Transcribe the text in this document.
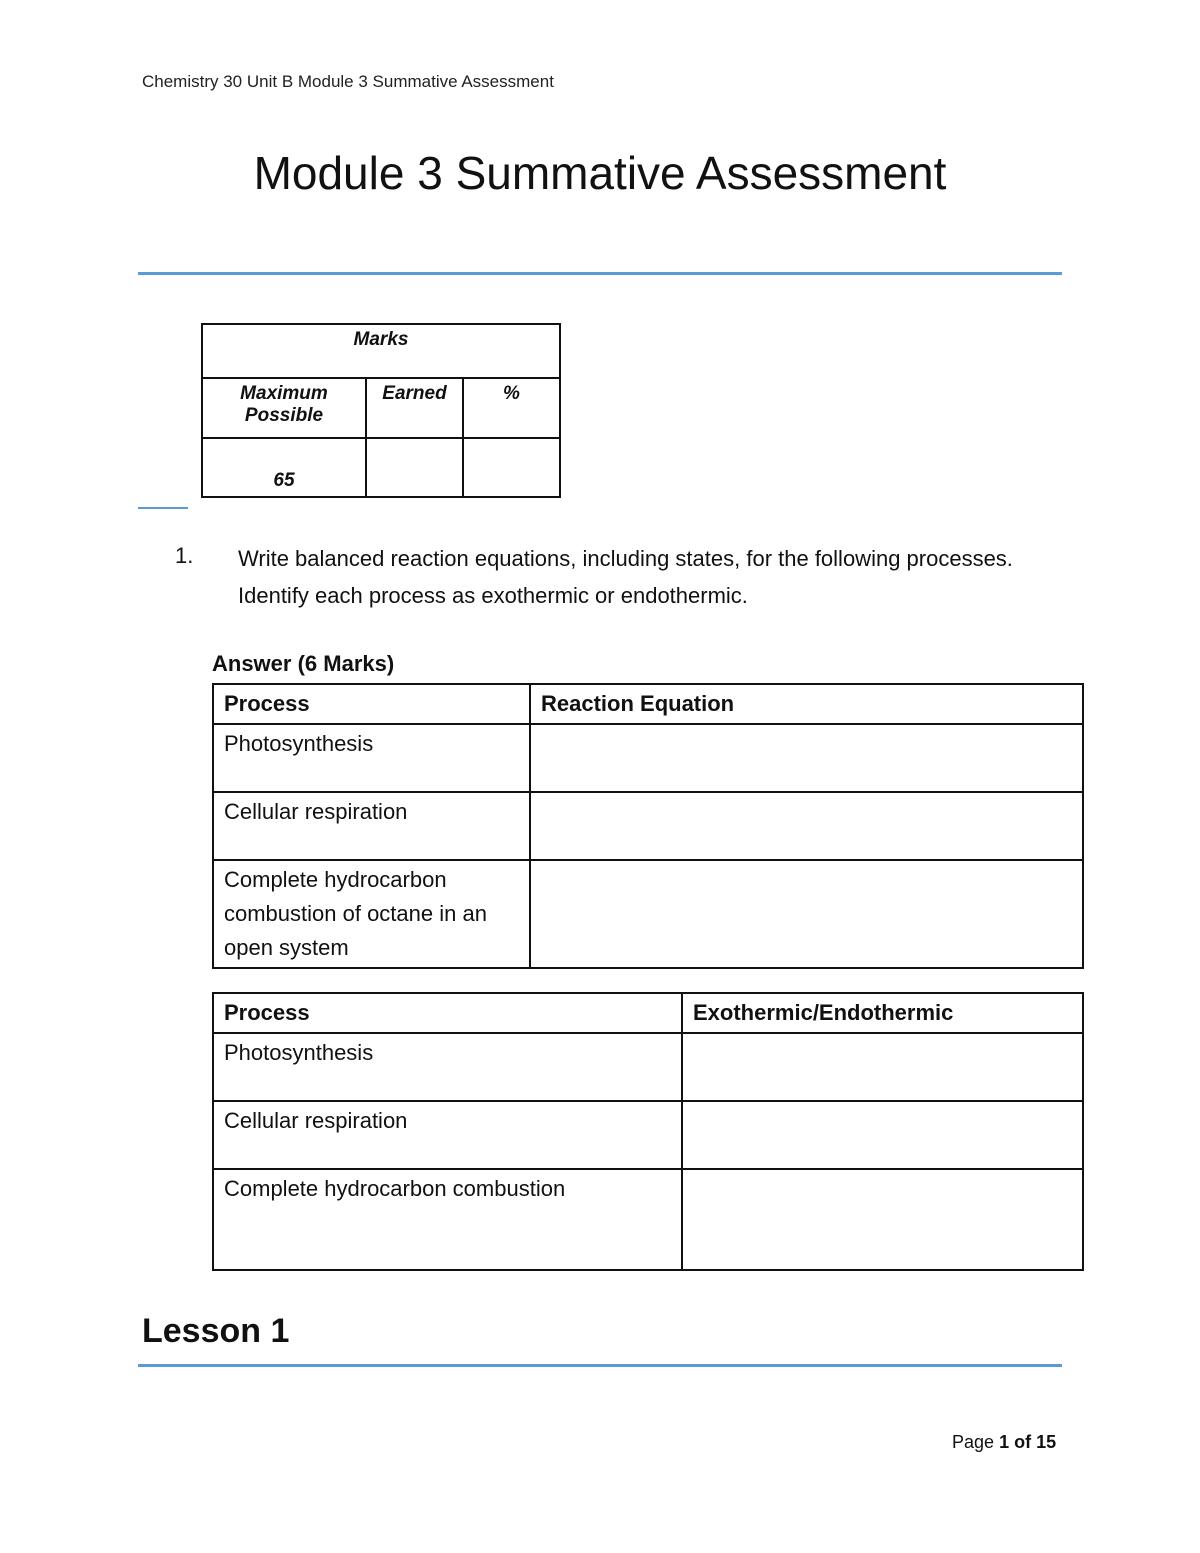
Chemistry 30 Unit B Module 3 Summative Assessment
Module 3 Summative Assessment
Marks		
Maximum Possible	Earned	%
65		
1. Write balanced reaction equations, including states, for the following processes. Identify each process as exothermic or endothermic.
Answer (6 Marks)
Process	Reaction Equation
Photosynthesis	
Cellular respiration	
Complete hydrocarbon combustion of octane in an open system	
Process	Exothermic/Endothermic
Photosynthesis	
Cellular respiration	
Complete hydrocarbon combustion	
Lesson 1
Page 1 of 15
